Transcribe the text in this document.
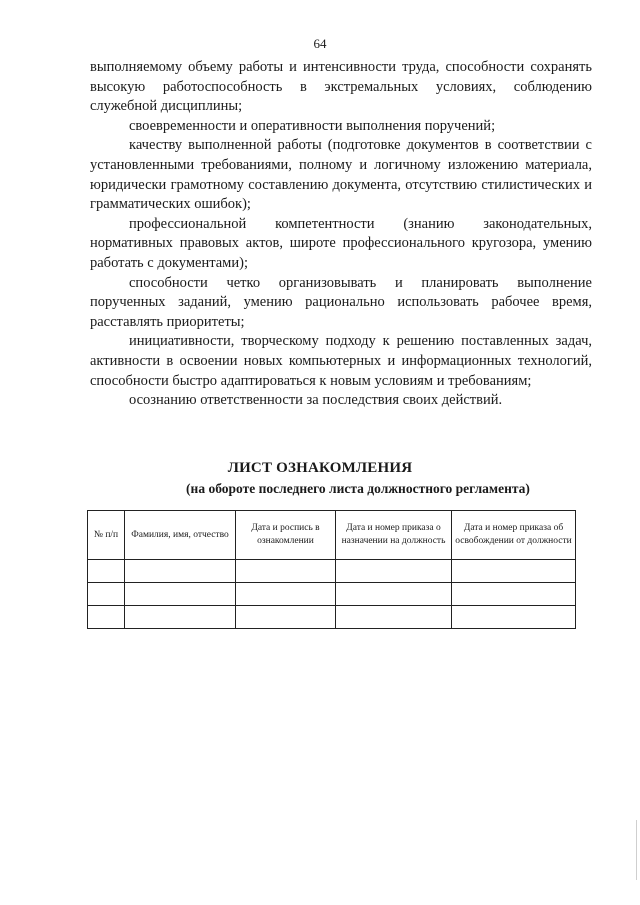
64

выполняемому объему работы и интенсивности труда, способности сохранять высокую работоспособность в экстремальных условиях, соблюдению служебной дисциплины;

своевременности и оперативности выполнения поручений;

качеству выполненной работы (подготовке документов в соответствии с установленными требованиями, полному и логичному изложению материала, юридически грамотному составлению документа, отсутствию стилистических и грамматических ошибок);

профессиональной компетентности (знанию законодательных, нормативных правовых актов, широте профессионального кругозора, умению работать с документами);

способности четко организовывать и планировать выполнение порученных заданий, умению рационально использовать рабочее время, расставлять приоритеты;

инициативности, творческому подходу к решению поставленных задач, активности в освоении новых компьютерных и информационных технологий, способности быстро адаптироваться к новым условиям и требованиям;

осознанию ответственности за последствия своих действий.

ЛИСТ ОЗНАКОМЛЕНИЯ
(на обороте последнего листа должностного регламента)
№ п/п	Фамилия, имя, отчество	Дата и роспись в ознакомлении	Дата и номер приказа о назначении на должность	Дата и номер приказа об освобождении от должности
